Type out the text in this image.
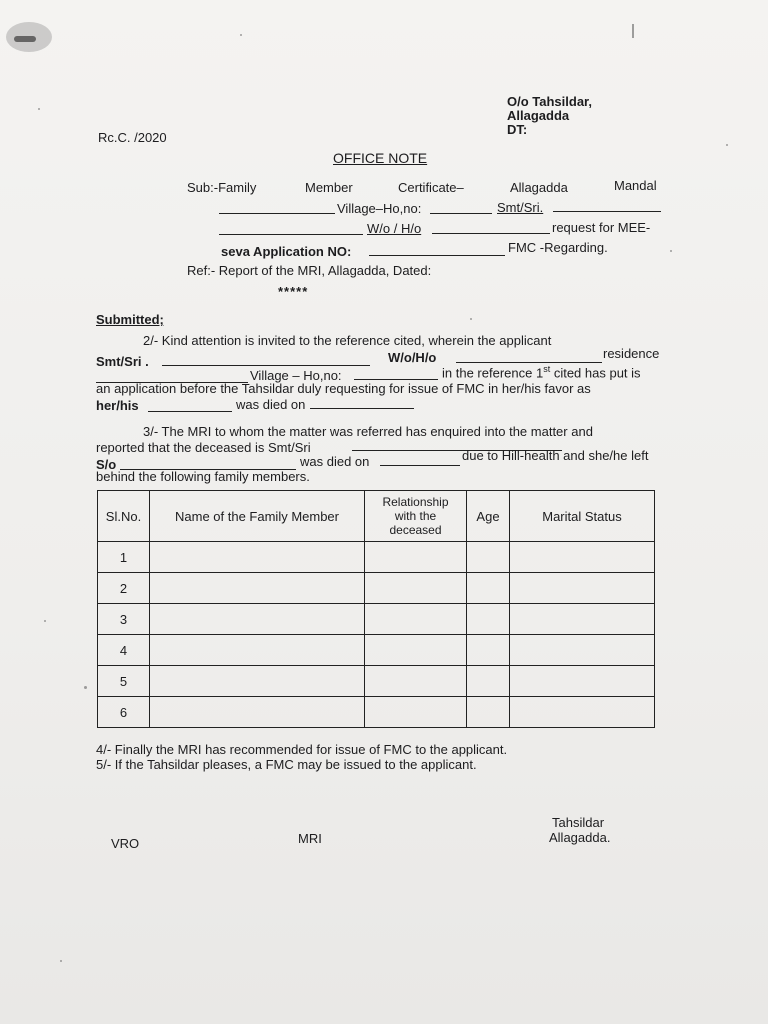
O/o Tahsildar,
Allagadda
DT:
Rc.C. /2020
OFFICE NOTE
Sub:-Family	Member	Certificate–	Allagadda	Mandal
Village–Ho,no:	Smt/Sri.
W/o / H/o	request for MEE-
seva Application NO:	FMC -Regarding.
Ref:- Report of the MRI, Allagadda, Dated:
*****
Submitted;
2/- Kind attention is invited to the reference cited, wherein the applicant
Smt/Sri .	W/o/H/o	residence
Village – Ho,no:	in the reference 1st cited has put is
an application before the Tahsildar duly requesting for issue of FMC in her/his favor as
her/his	was died on
3/- The MRI to whom the matter was referred has enquired into the matter and
reported that the deceased is Smt/Sri
S/o	was died on	due to Hill-health and she/he left
behind the following family members.
Sl.No.	Name of the Family Member	Relationship
with the
deceased	Age	Marital Status
1				
2				
3				
4				
5				
6				
4/- Finally the MRI has recommended for issue of FMC to the applicant.
5/- If the Tahsildar pleases, a FMC may be issued to the applicant.
VRO	MRI
Tahsildar
Allagadda.
